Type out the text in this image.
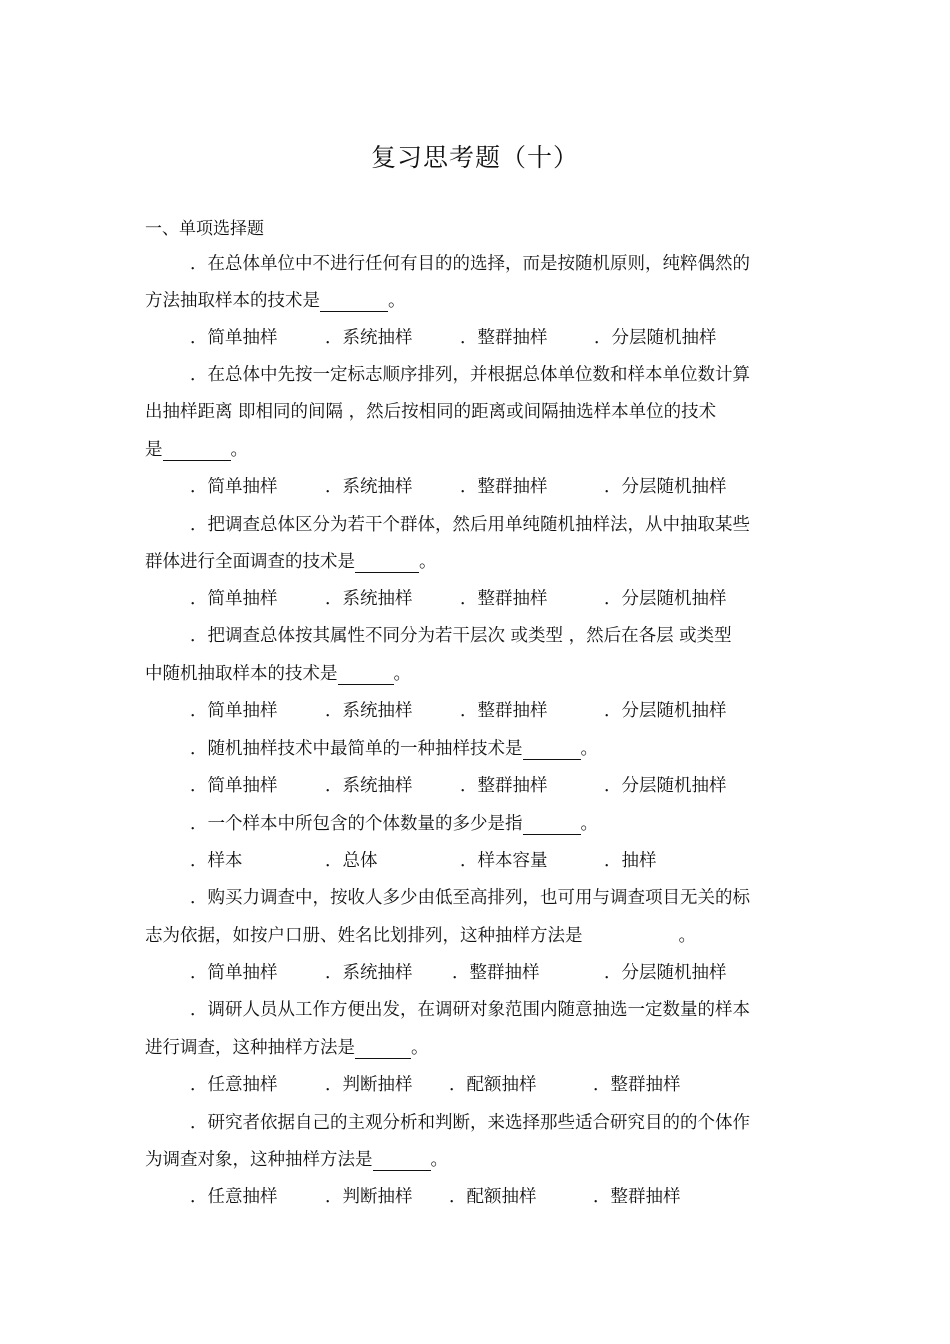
复习思考题（十）
一、单项选择题
．在总体单位中不进行任何有目的的选择，而是按随机原则，纯粹偶然的
方法抽取样本的技术是	。
．简单抽样	．系统抽样	．整群抽样	．分层随机抽样
．在总体中先按一定标志顺序排列，并根据总体单位数和样本单位数计算
出抽样距离 即相同的间隔 ，然后按相同的距离或间隔抽选样本单位的技术
是	。
．简单抽样	．系统抽样	．整群抽样	．分层随机抽样
．把调查总体区分为若干个群体，然后用单纯随机抽样法，从中抽取某些
群体进行全面调查的技术是	。
．简单抽样	．系统抽样	．整群抽样	．分层随机抽样
．把调查总体按其属性不同分为若干层次 或类型 ，然后在各层 或类型
中随机抽取样本的技术是	。
．简单抽样	．系统抽样	．整群抽样	．分层随机抽样
．随机抽样技术中最简单的一种抽样技术是	。
．简单抽样	．系统抽样	．整群抽样	．分层随机抽样
．一个样本中所包含的个体数量的多少是指	。
．样本	．总体	．样本容量	．抽样
．购买力调查中，按收人多少由低至高排列，也可用与调查项目无关的标
志为依据，如按户口册、姓名比划排列，这种抽样方法是	。
．简单抽样	．系统抽样 ．整群抽样	．分层随机抽样
．调研人员从工作方便出发，在调研对象范围内随意抽选一定数量的样本
进行调查，这种抽样方法是	。
．任意抽样	．判断抽样 ．配额抽样	．整群抽样
．研究者依据自己的主观分析和判断，来选择那些适合研究目的的个体作
为调查对象，这种抽样方法是	。
．任意抽样	．判断抽样 ．配额抽样	．整群抽样
